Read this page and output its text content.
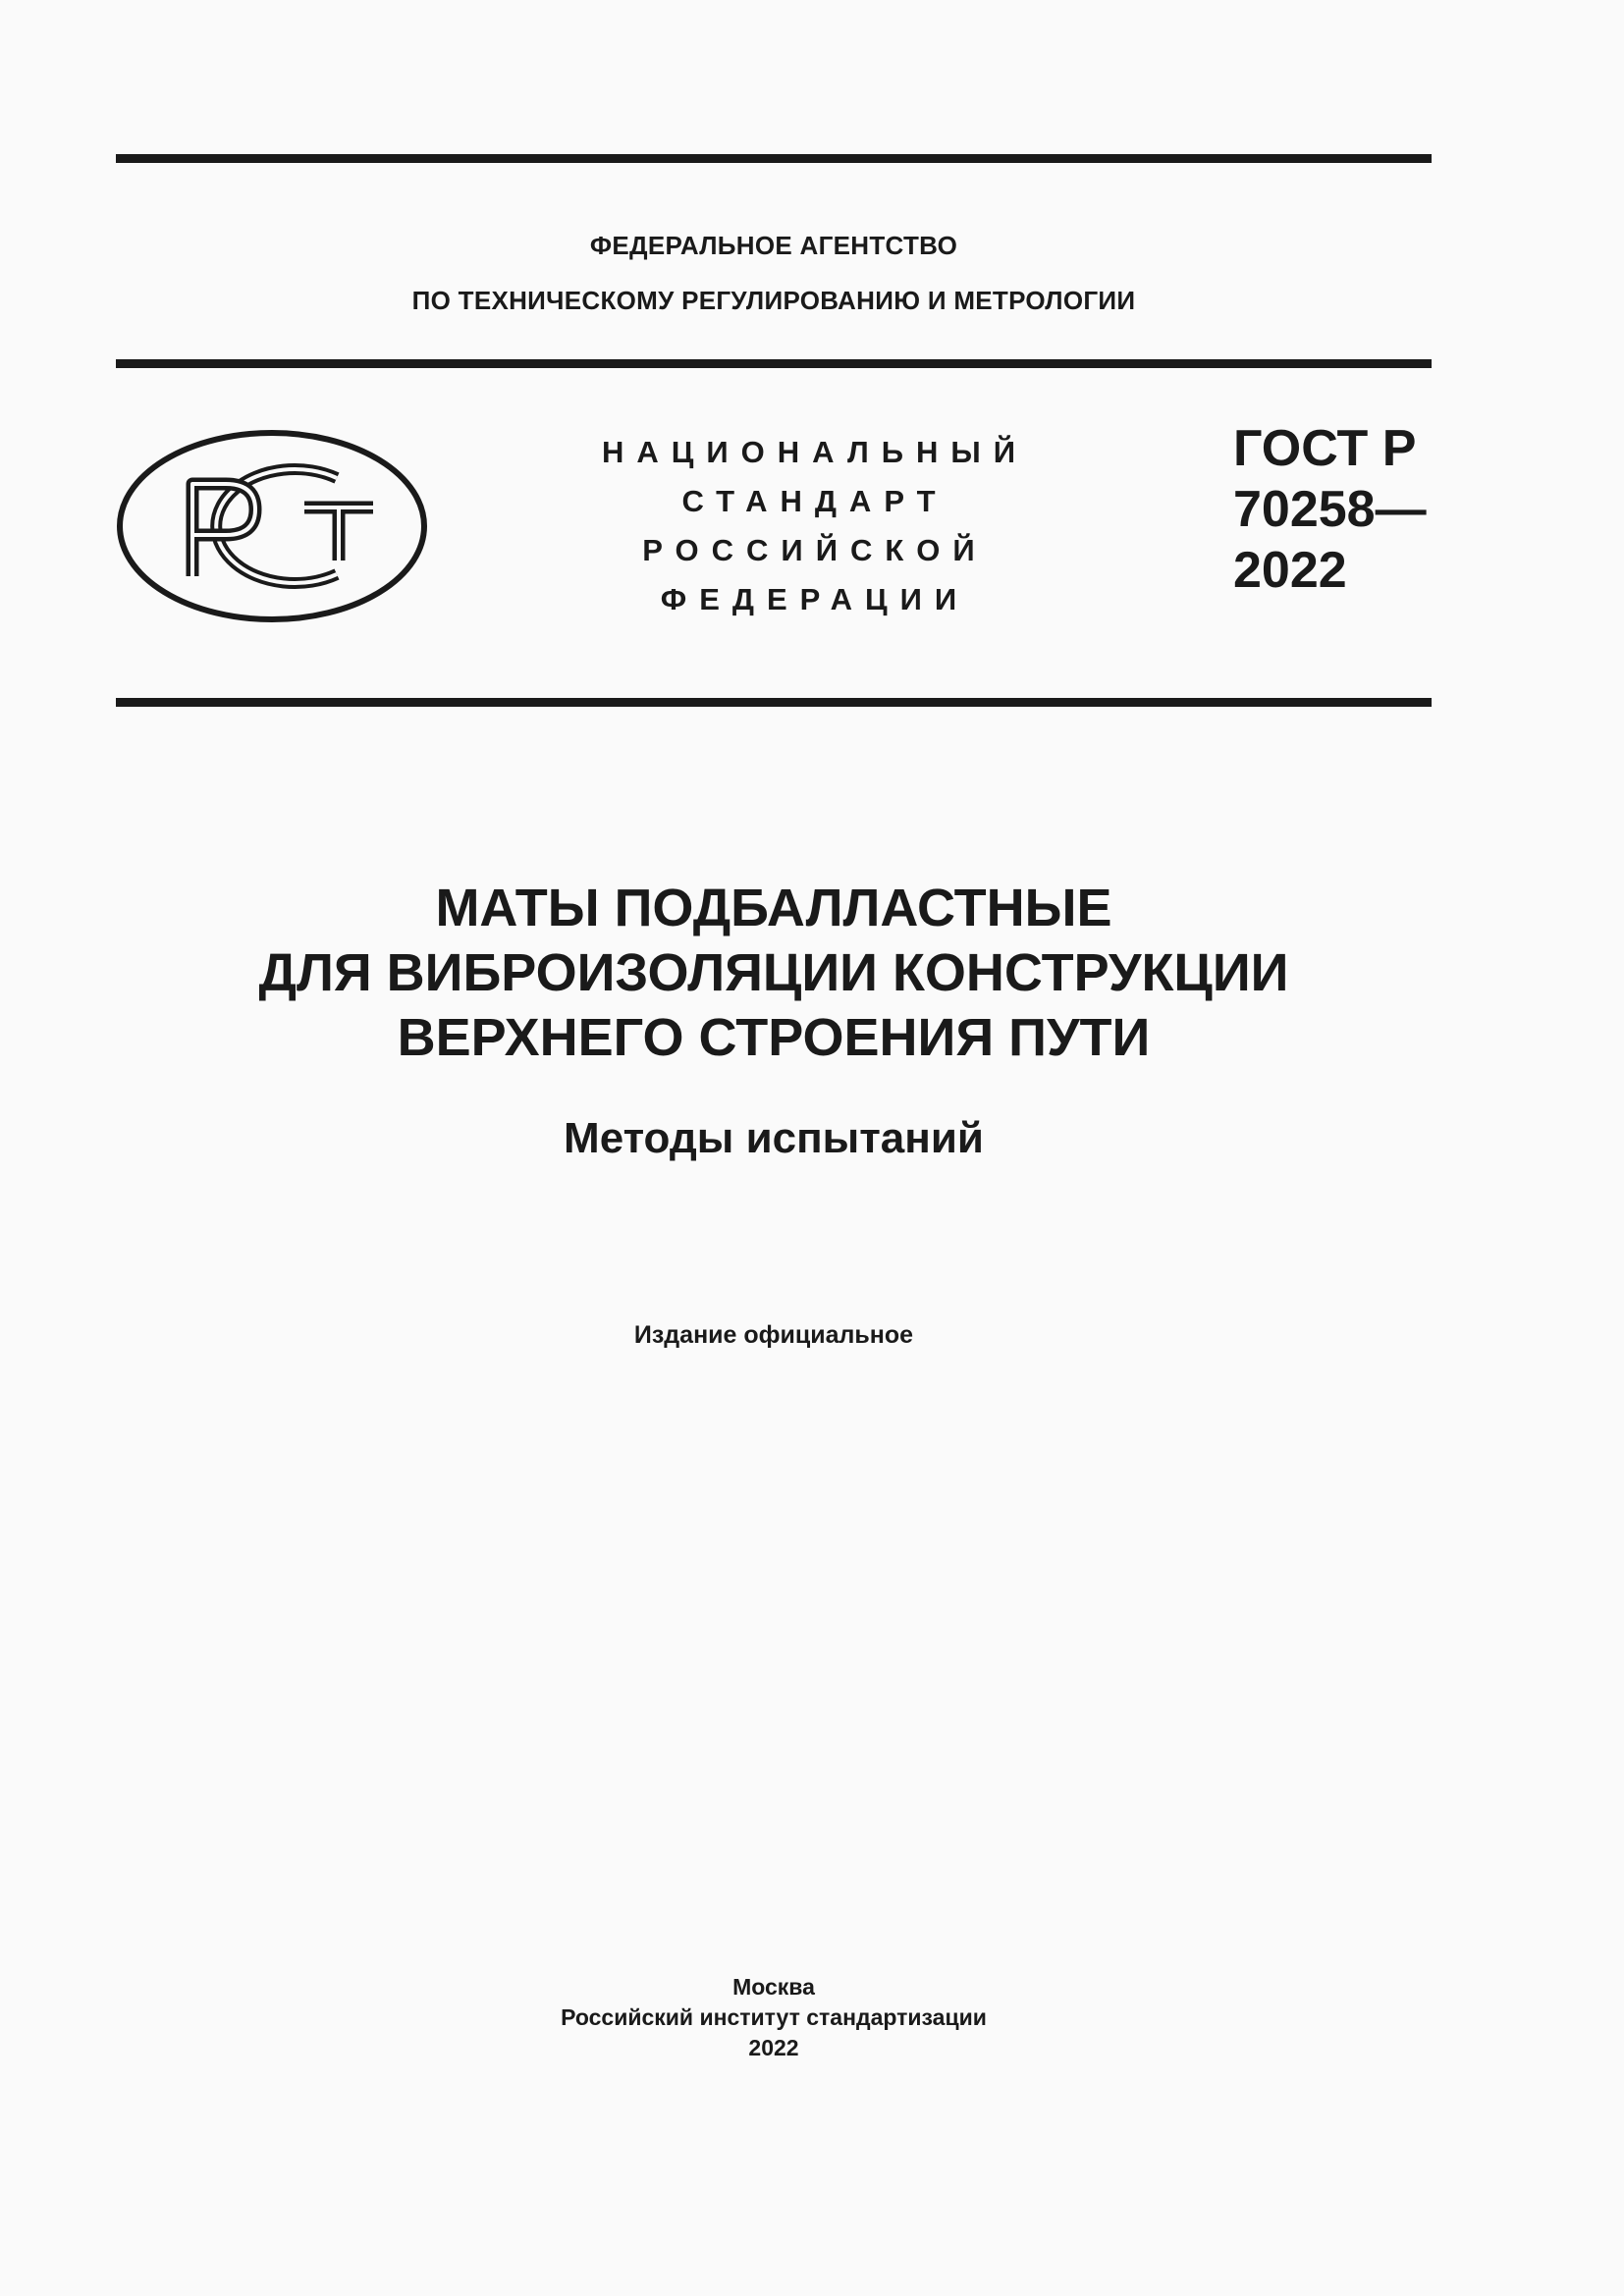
ФЕДЕРАЛЬНОЕ АГЕНТСТВО
ПО ТЕХНИЧЕСКОМУ РЕГУЛИРОВАНИЮ И МЕТРОЛОГИИ
НАЦИОНАЛЬНЫЙ
СТАНДАРТ
РОССИЙСКОЙ
ФЕДЕРАЦИИ
ГОСТ Р
70258—
2022
МАТЫ ПОДБАЛЛАСТНЫЕ
ДЛЯ ВИБРОИЗОЛЯЦИИ КОНСТРУКЦИИ
ВЕРХНЕГО СТРОЕНИЯ ПУТИ
Методы испытаний
Издание официальное
Москва
Российский институт стандартизации
2022
